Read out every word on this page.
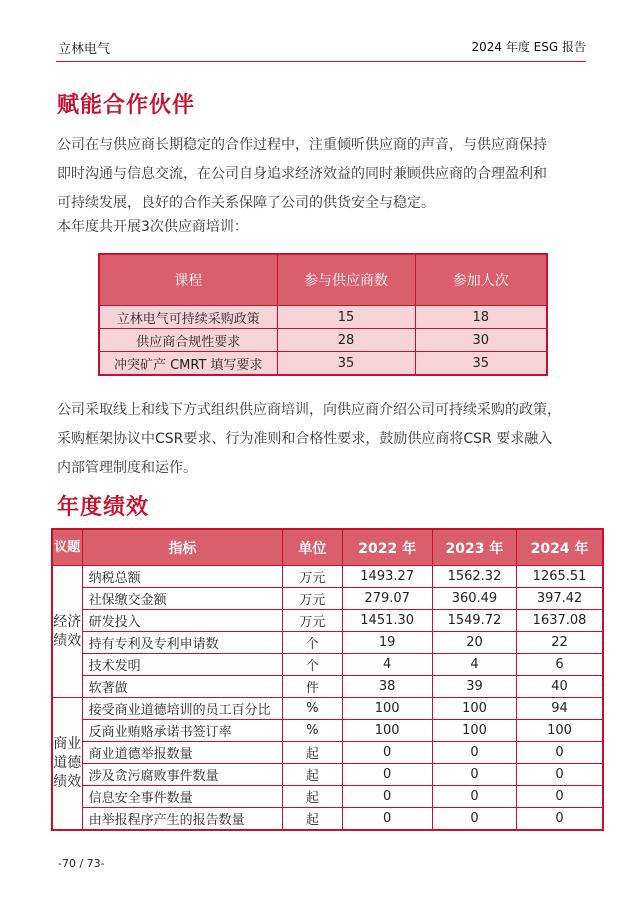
立林电气	2024 年度 ESG 报告
赋能合作伙伴
公司在与供应商长期稳定的合作过程中，注重倾听供应商的声音，与供应商保持
即时沟通与信息交流，在公司自身追求经济效益的同时兼顾供应商的合理盈利和
可持续发展，良好的合作关系保障了公司的供货安全与稳定。
本年度共开展3次供应商培训：
课程	参与供应商数	参加人次
立林电气可持续采购政策	15	18
供应商合规性要求	28	30
冲突矿产 CMRT 填写要求	35	35
公司采取线上和线下方式组织供应商培训，向供应商介绍公司可持续采购的政策，
采购框架协议中CSR要求、行为准则和合格性要求，鼓励供应商将CSR 要求融入
内部管理制度和运作。
年度绩效
议题	指标	单位	2022 年	2023 年	2024 年
经济绩效	纳税总额	万元	1493.27	1562.32	1265.51
	社保缴交金额	万元	279.07	360.49	397.42
	研发投入	万元	1451.30	1549.72	1637.08
	持有专利及专利申请数	个	19	20	22
	技术发明	个	4	4	6
	软著做	件	38	39	40
商业道德绩效	接受商业道德培训的员工百分比	%	100	100	94
	反商业贿赂承诺书签订率	%	100	100	100
	商业道德举报数量	起	0	0	0
	涉及贪污腐败事件数量	起	0	0	0
	信息安全事件数量	起	0	0	0
	由举报程序产生的报告数量	起	0	0	0
-70 / 73-
